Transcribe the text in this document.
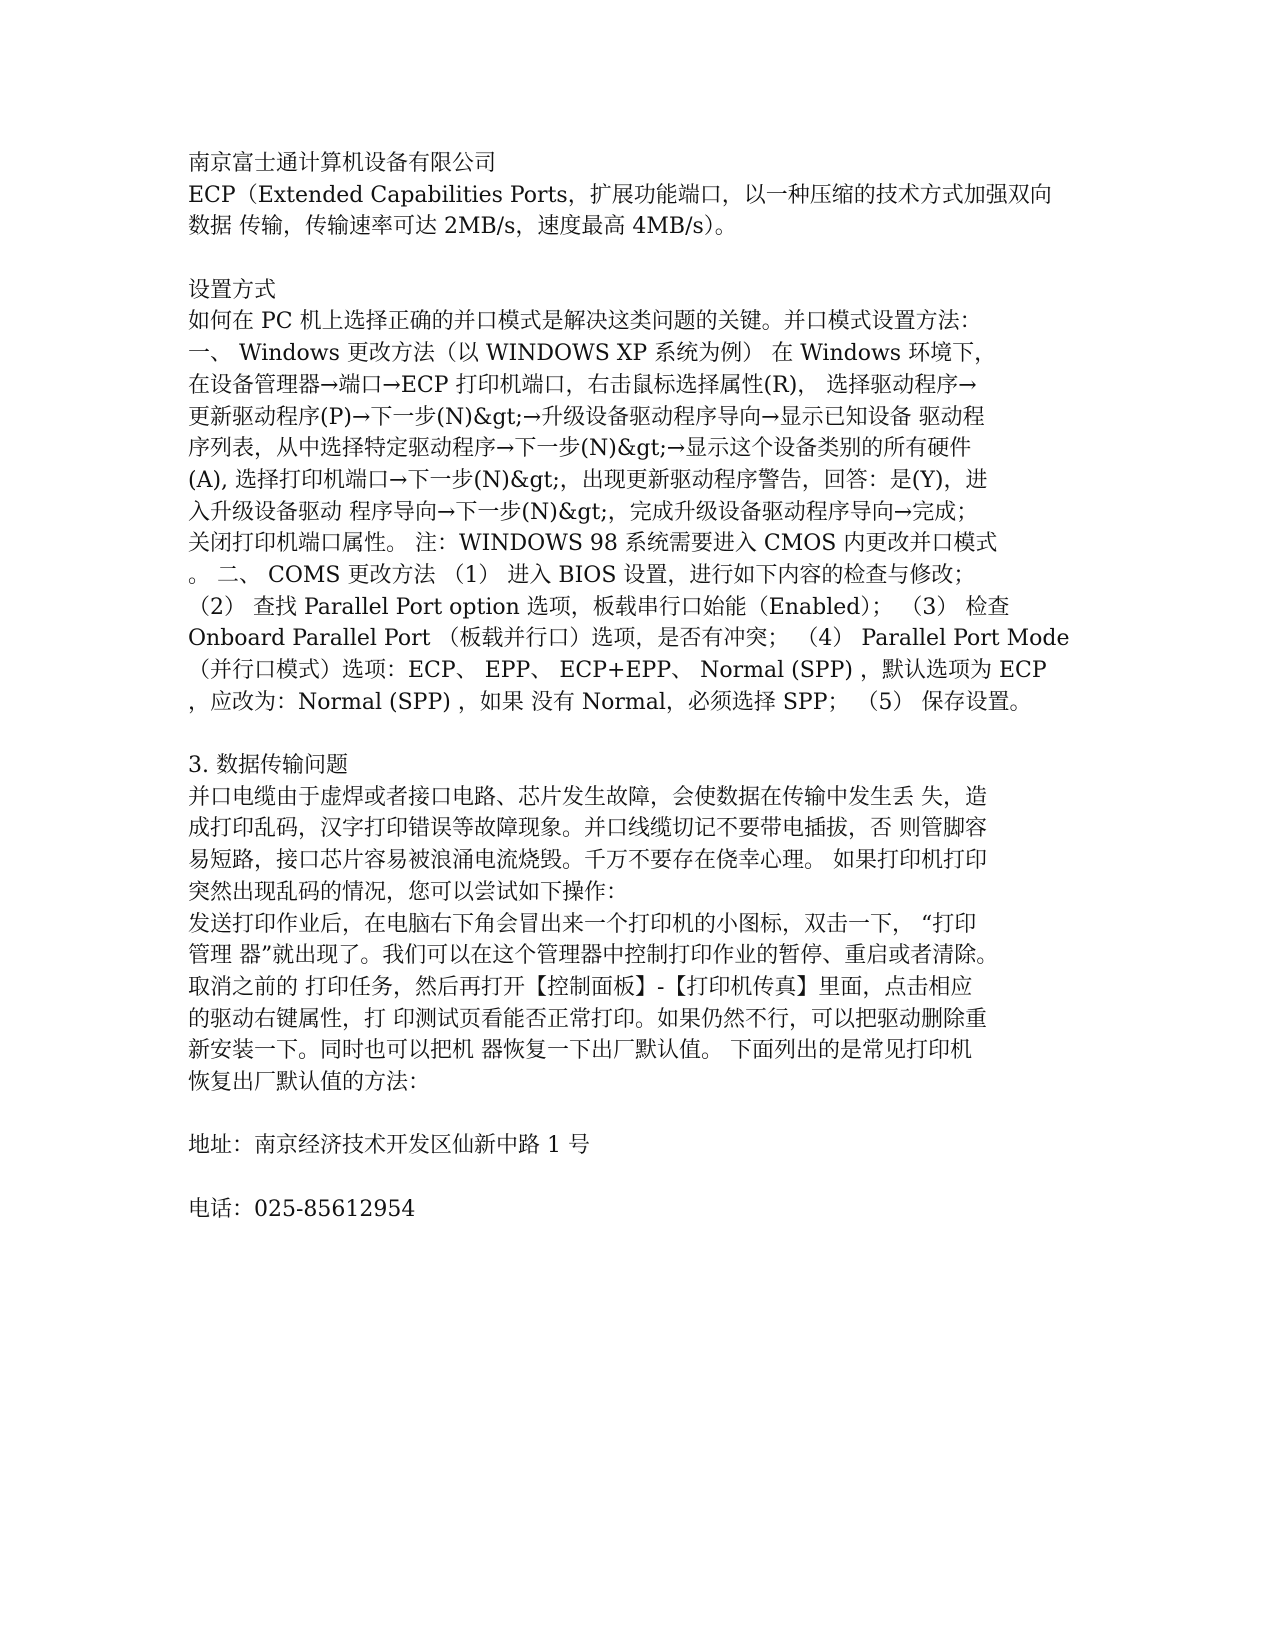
南京富士通计算机设备有限公司
ECP（Extended Capabilities Ports，扩展功能端口，以一种压缩的技术方式加强双向
数据 传输，传输速率可达 2MB/s，速度最高 4MB/s）。
设置方式
如何在 PC 机上选择正确的并口模式是解决这类问题的关键。并口模式设置方法：
一、 Windows 更改方法（以 WINDOWS XP 系统为例） 在 Windows 环境下，
在设备管理器→端口→ECP 打印机端口，右击鼠标选择属性(R)， 选择驱动程序→
更新驱动程序(P)→下一步(N)&gt;→升级设备驱动程序导向→显示已知设备 驱动程
序列表，从中选择特定驱动程序→下一步(N)&gt;→显示这个设备类别的所有硬件
(A), 选择打印机端口→下一步(N)&gt;，出现更新驱动程序警告，回答：是(Y)，进
入升级设备驱动 程序导向→下一步(N)&gt;，完成升级设备驱动程序导向→完成；
关闭打印机端口属性。 注：WINDOWS 98 系统需要进入 CMOS 内更改并口模式
。 二、 COMS 更改方法 （1） 进入 BIOS 设置，进行如下内容的检查与修改；
（2） 查找 Parallel Port option 选项，板载串行口始能（Enabled）； （3） 检查
Onboard Parallel Port （板载并行口）选项，是否有冲突； （4） Parallel Port Mode
（并行口模式）选项：ECP、 EPP、 ECP+EPP、 Normal (SPP) ，默认选项为 ECP
，应改为：Normal (SPP) ，如果 没有 Normal，必须选择 SPP； （5） 保存设置。
3. 数据传输问题
并口电缆由于虚焊或者接口电路、芯片发生故障，会使数据在传输中发生丢 失，造
成打印乱码，汉字打印错误等故障现象。并口线缆切记不要带电插拔，否 则管脚容
易短路，接口芯片容易被浪涌电流烧毁。千万不要存在侥幸心理。 如果打印机打印
突然出现乱码的情况，您可以尝试如下操作：
发送打印作业后，在电脑右下角会冒出来一个打印机的小图标，双击一下， “打印
管理 器”就出现了。我们可以在这个管理器中控制打印作业的暂停、重启或者清除。
取消之前的 打印任务，然后再打开【控制面板】-【打印机传真】里面，点击相应
的驱动右键属性，打 印测试页看能否正常打印。如果仍然不行，可以把驱动删除重
新安装一下。同时也可以把机 器恢复一下出厂默认值。 下面列出的是常见打印机
恢复出厂默认值的方法：
地址：南京经济技术开发区仙新中路 1 号
电话：025-85612954
